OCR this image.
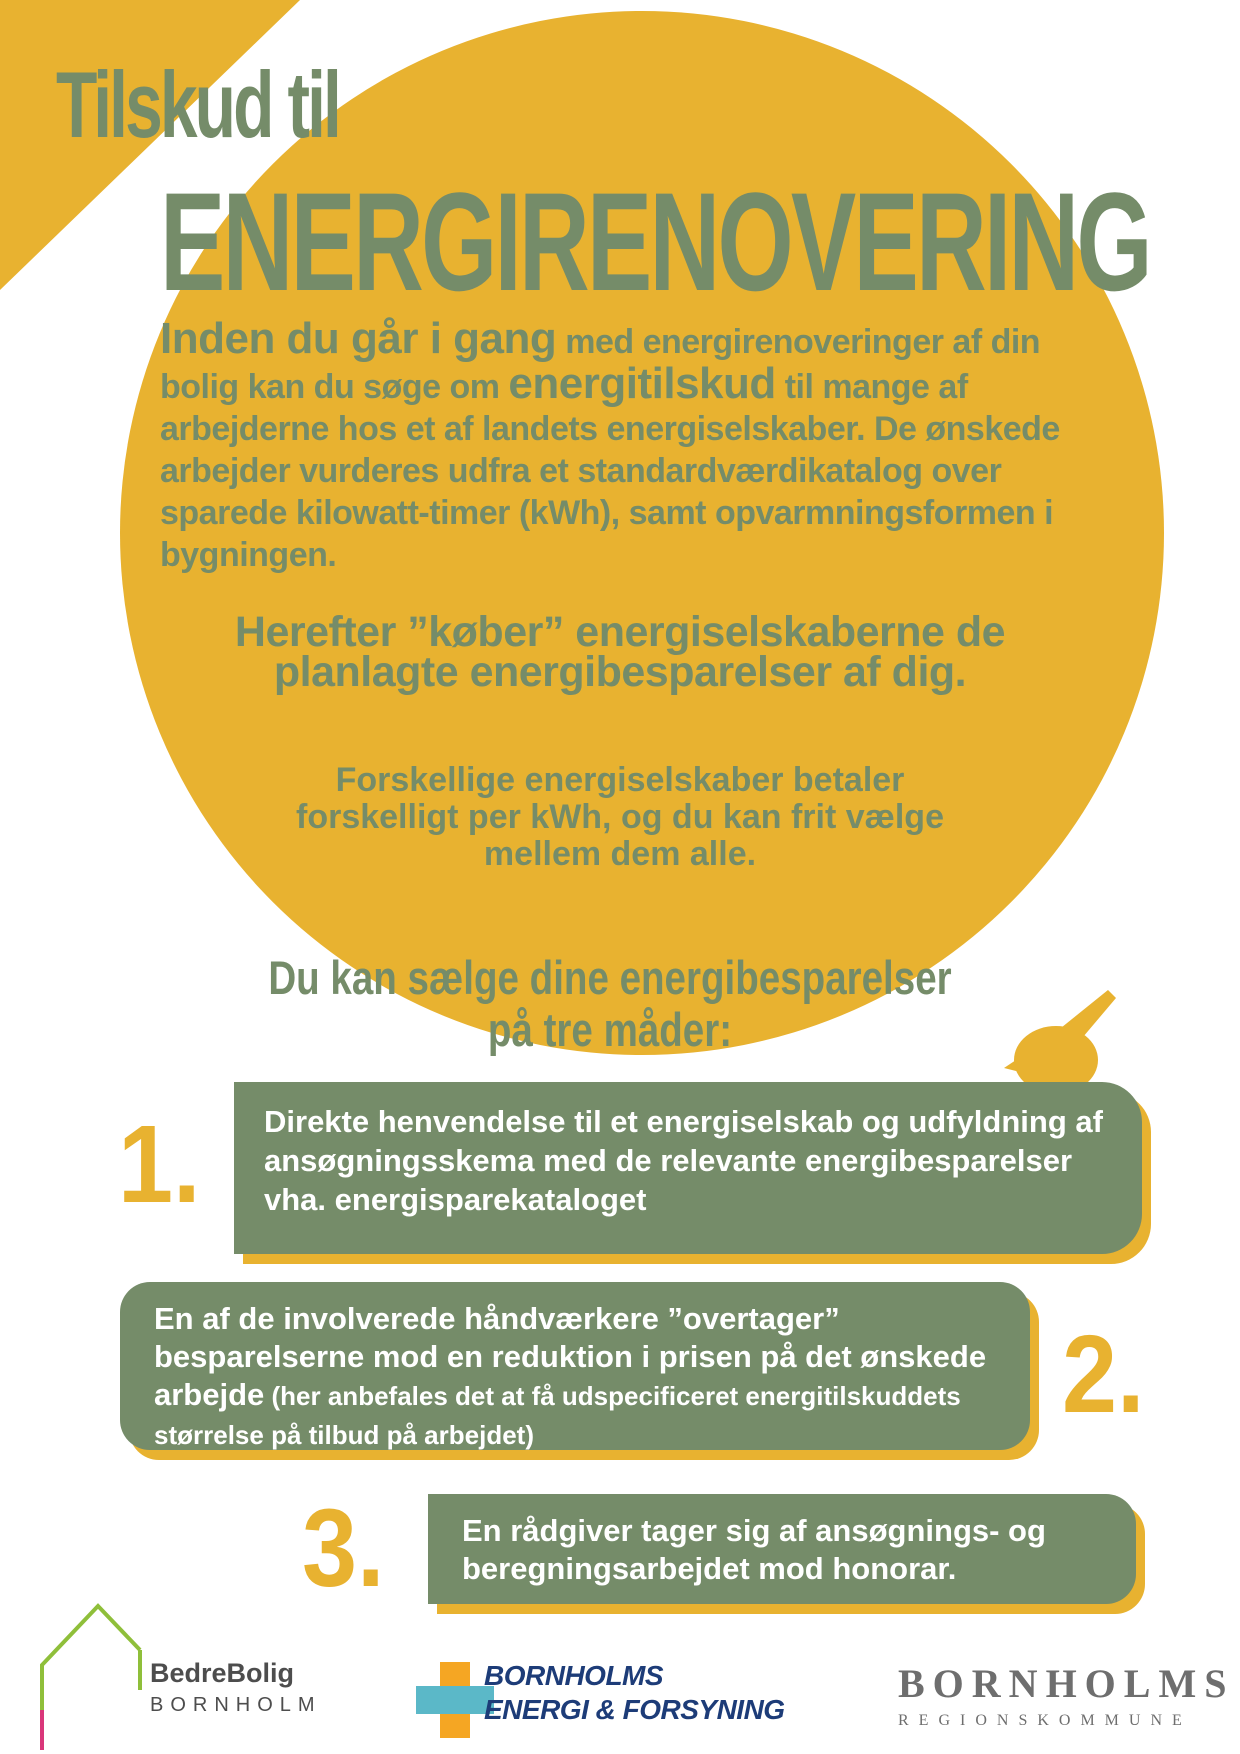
Tilskud til
ENERGIRENOVERING
Inden du går i gang med energirenoveringer af din bolig kan du søge om energitilskud til mange af arbejderne hos et af landets energiselskaber. De ønskede arbejder vurderes udfra et standardværdikatalog over sparede kilowatt-timer (kWh), samt opvarmningsformen i bygningen.
Herefter ”køber” energiselskaberne de planlagte energibesparelser af dig.
Forskellige energiselskaber betaler forskelligt per kWh, og du kan frit vælge mellem dem alle.
Du kan sælge dine energibesparelser
på tre måder:
1.	Direkte henvendelse til et energiselskab og udfyldning af ansøgningsskema med de relevante energibesparelser vha. energisparekataloget
2.
En af de involverede håndværkere ”overtager” besparelserne mod en reduktion i prisen på det ønskede arbejde (her anbefales det at få udspecificeret energitilskuddets størrelse på tilbud på arbejdet)
3.	En rådgiver tager sig af ansøgnings- og beregningsarbejdet mod honorar.
BedreBolig
BORNHOLM
BORNHOLMS
ENERGI & FORSYNING
BORNHOLMS
REGIONSKOMMUNE
